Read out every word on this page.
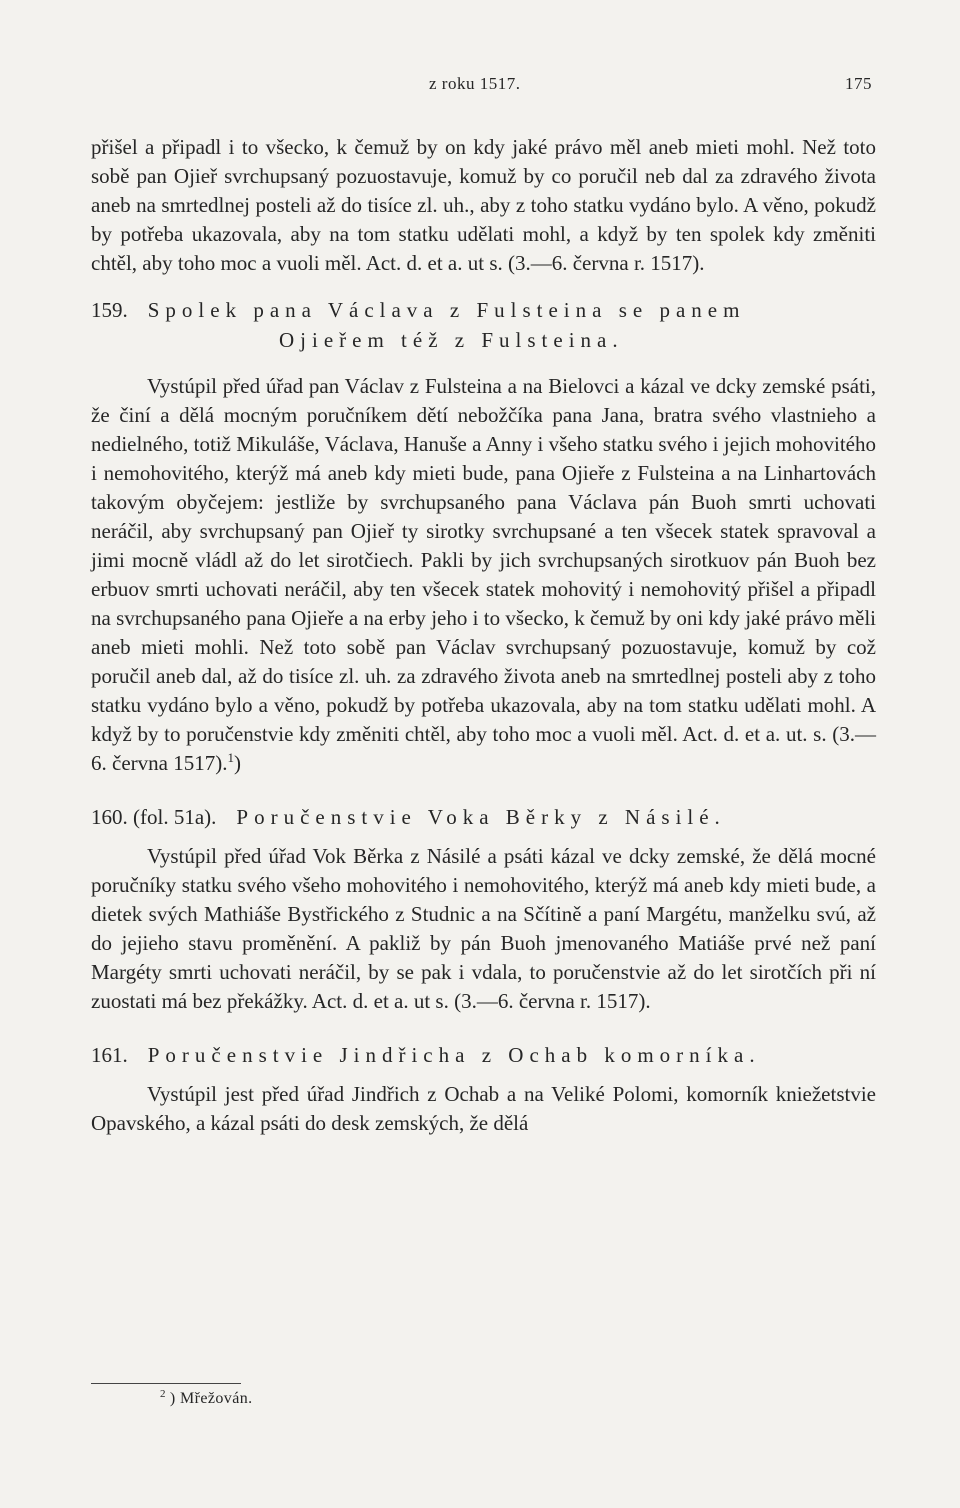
z roku 1517.	175

přišel a připadl i to všecko, k čemuž by on kdy jaké právo měl aneb mieti mohl. Než toto sobě pan Ojieř svrchupsaný pozuostavuje, komuž by co poručil neb dal za zdravého života aneb na smrtedlnej posteli až do tisíce zl. uh., aby z toho statku vydáno bylo. A věno, pokudž by potřeba ukazovala, aby na tom statku udělati mohl, a když by ten spolek kdy změniti chtěl, aby toho moc a vuoli měl. Act. d. et a. ut s. (3.—6. června r. 1517).

159. Spolek pana Václava z Fulsteina se panem
Ojieřem též z Fulsteina.

Vystúpil před úřad pan Václav z Fulsteina a na Bielovci a kázal ve dcky zemské psáti, že činí a dělá mocným poručníkem dětí nebožčíka pana Jana, bratra svého vlastnieho a nedielného, totiž Mikuláše, Václava, Hanuše a Anny i všeho statku svého i jejich mohovitého i nemohovitého, kterýž má aneb kdy mieti bude, pana Ojieře z Fulsteina a na Linhartovách takovým obyčejem: jestliže by svrchupsaného pana Václava pán Buoh smrti uchovati neráčil, aby svrchupsaný pan Ojieř ty sirotky svrchupsané a ten všecek statek spravoval a jimi mocně vládl až do let sirotčiech. Pakli by jich svrchupsaných sirotkuov pán Buoh bez erbuov smrti uchovati neráčil, aby ten všecek statek mohovitý i nemohovitý přišel a připadl na svrchupsaného pana Ojieře a na erby jeho i to všecko, k čemuž by oni kdy jaké právo měli aneb mieti mohli. Než toto sobě pan Václav svrchupsaný pozuostavuje, komuž by což poručil aneb dal, až do tisíce zl. uh. za zdravého života aneb na smrtedlnej posteli aby z toho statku vydáno bylo a věno, pokudž by potřeba ukazovala, aby na tom statku udělati mohl. A když by to poručenstvie kdy změniti chtěl, aby toho moc a vuoli měl. Act. d. et a. ut. s. (3.—6. června 1517).$^1$)

160. (fol. 51a). Poručenstvie Voka Běrky z Násilé.

Vystúpil před úřad Vok Běrka z Násilé a psáti kázal ve dcky zemské, že dělá mocné poručníky statku svého všeho mohovitého i nemohovitého, kterýž má aneb kdy mieti bude, a dietek svých Mathiáše Bystřického z Studnic a na Sčítině a paní Margétu, manželku svú, až do jejieho stavu proměnění. A pakliž by pán Buoh jmenovaného Matiáše prvé než paní Margéty smrti uchovati neráčil, by se pak i vdala, to poručenstvie až do let sirotčích při ní zuostati má bez překážky. Act. d. et a. ut s. (3.—6. června r. 1517).

161. Poručenstvie Jindřicha z Ochab komorníka.

Vystúpil jest před úřad Jindřich z Ochab a na Veliké Polomi, komorník kniežetstvie Opavského, a kázal psáti do desk zemských, že dělá

$^2$ ) Mřežován.
